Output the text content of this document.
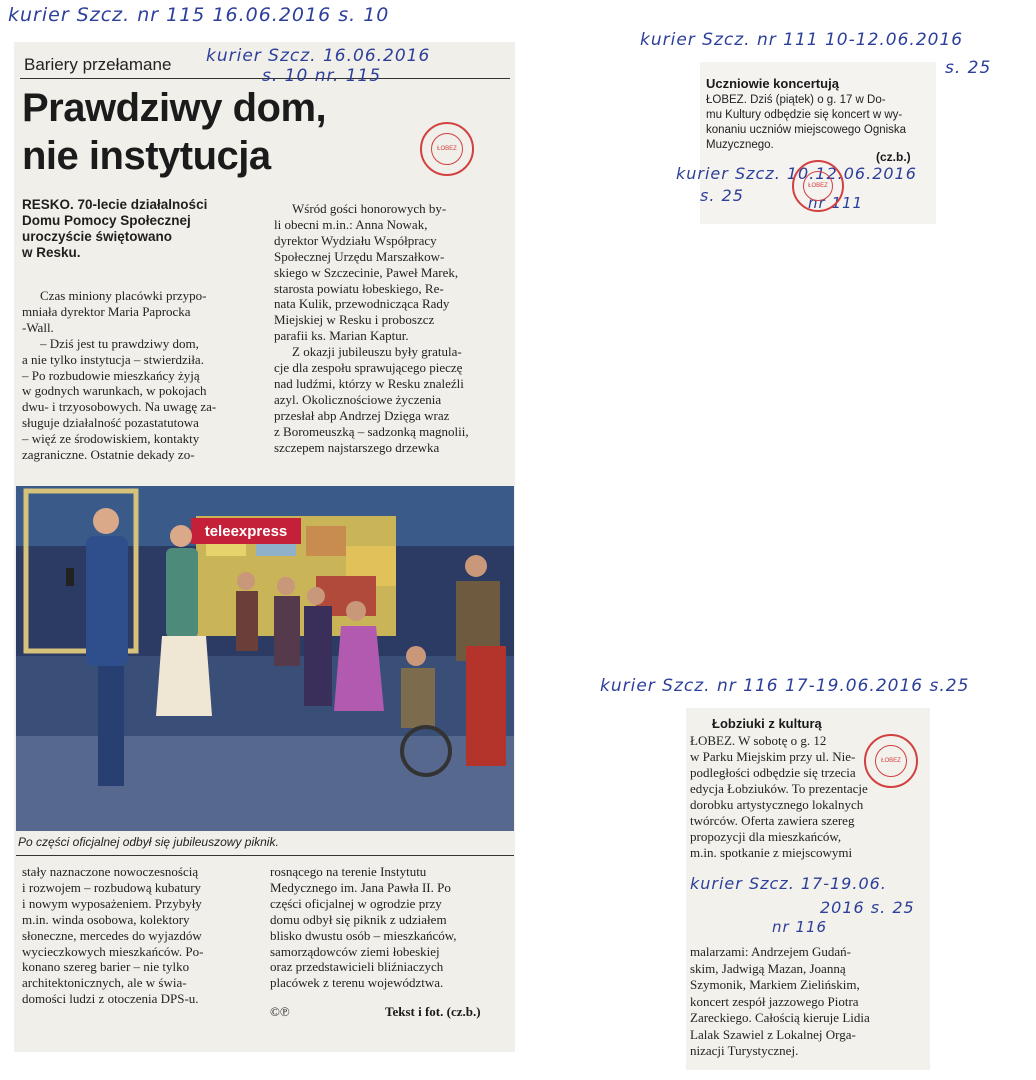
kurier Szcz. nr 115 16.06.2016 s. 10
kurier Szcz. nr 111 10-12.06.2016
s. 25
kurier Szcz. nr 116 17-19.06.2016 s.25
Bariery przełamane kurier Szcz. 16.06.2016
s. 10 nr. 115
Prawdziwy dom,
nie instytucja	ŁOBEZ
RESKO. 70-lecie działalności
Domu Pomocy Społecznej
uroczyście świętowano
w Resku.
Czas miniony placówki przypo-
mniała dyrektor Maria Paprocka
-Wall.
– Dziś jest tu prawdziwy dom,
a nie tylko instytucja – stwierdziła.
– Po rozbudowie mieszkańcy żyją
w godnych warunkach, w pokojach
dwu- i trzyosobowych. Na uwagę za-
sługuje działalność pozastatutowa
– więź ze środowiskiem, kontakty
zagraniczne. Ostatnie dekady zo-
Wśród gości honorowych by-
li obecni m.in.: Anna Nowak,
dyrektor Wydziału Współpracy
Społecznej Urzędu Marszałkow-
skiego w Szczecinie, Paweł Marek,
starosta powiatu łobeskiego, Re-
nata Kulik, przewodnicząca Rady
Miejskiej w Resku i proboszcz
parafii ks. Marian Kaptur.
Z okazji jubileuszu były gratula-
cje dla zespołu sprawującego pieczę
nad ludźmi, którzy w Resku znaleźli
azyl. Okolicznościowe życzenia
przesłał abp Andrzej Dzięga wraz
z Boromeuszką – sadzonką magnolii,
szczepem najstarszego drzewka
teleexpress
Po części oficjalnej odbył się jubileuszowy piknik.
stały naznaczone nowoczesnością
i rozwojem – rozbudową kubatury
i nowym wyposażeniem. Przybyły
m.in. winda osobowa, kolektory
słoneczne, mercedes do wyjazdów
wycieczkowych mieszkańców. Po-
konano szereg barier – nie tylko
architektonicznych, ale w świa-
domości ludzi z otoczenia DPS-u.
rosnącego na terenie Instytutu
Medycznego im. Jana Pawła II. Po
części oficjalnej w ogrodzie przy
domu odbył się piknik z udziałem
blisko dwustu osób – mieszkańców,
samorządowców ziemi łobeskiej
oraz przedstawicieli bliźniaczych
placówek z terenu województwa.
©℗	Tekst i fot. (cz.b.)
Uczniowie koncertują
ŁOBEZ. Dziś (piątek) o g. 17 w Do-
mu Kultury odbędzie się koncert w wy-
konaniu uczniów miejscowego Ogniska
Muzycznego.
(cz.b.)
kurier Szcz. 10.12.06.2016
s. 25	nr 111
ŁOBEZ
Łobziuki z kulturą
ŁOBEZ. W sobotę o g. 12
w Parku Miejskim przy ul. Nie-
podległości odbędzie się trzecia
edycja Łobziuków. To prezentacje
dorobku artystycznego lokalnych
twórców. Oferta zawiera szereg
propozycji dla mieszkańców,
m.in. spotkanie z miejscowymi
ŁOBEZ
kurier Szcz. 17-19.06.
2016 s. 25
nr 116
malarzami: Andrzejem Gudań-
skim, Jadwigą Mazan, Joanną
Szymonik, Markiem Zielińskim,
koncert zespół jazzowego Piotra
Zareckiego. Całością kieruje Lidia
Lalak Szawiel z Lokalnej Orga-
nizacji Turystycznej.
